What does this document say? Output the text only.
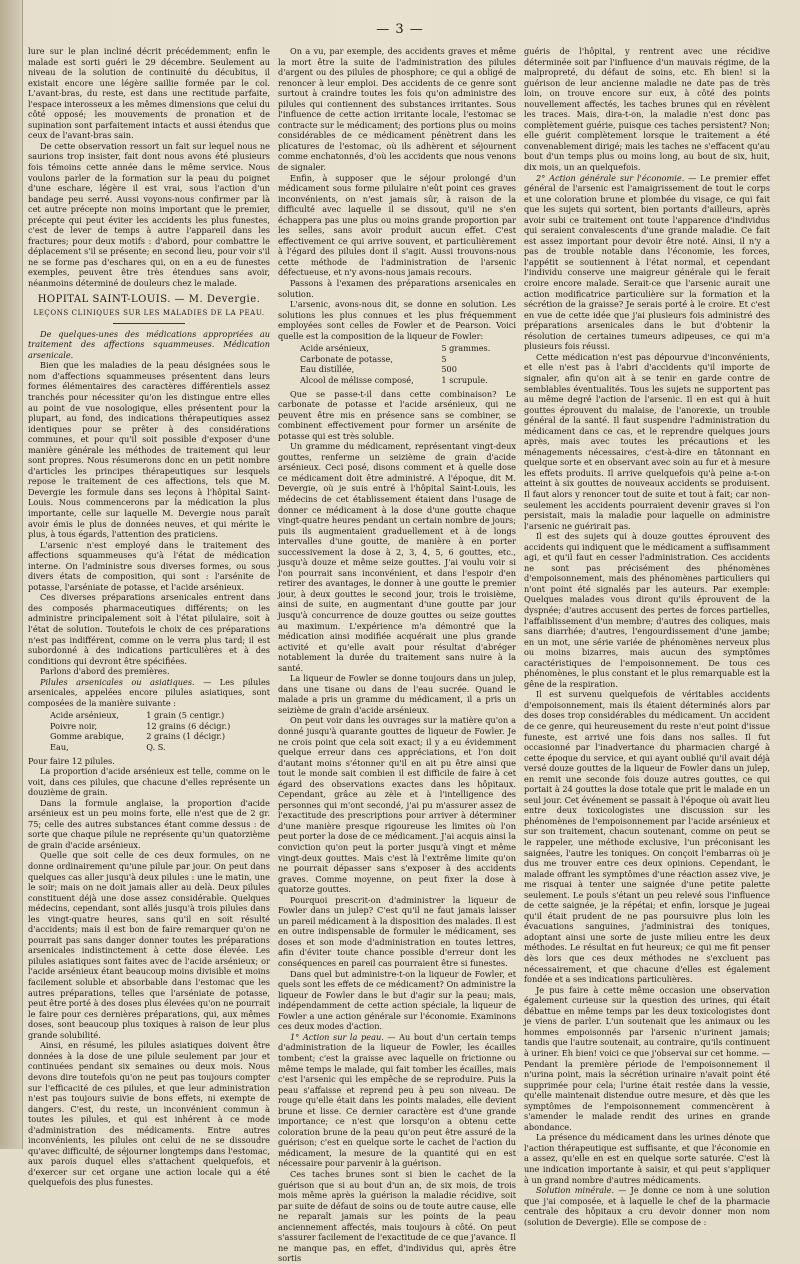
— 3 —

lure sur le plan incliné décrit précédemment; enfin le malade est sorti guéri le 29 décembre. Seulement au niveau de la solution de continuité du décubitus, il existait encore une légère saillie formée par le col. L'avant-bras, du reste, est dans une rectitude parfaite, l'espace interosseux a les mêmes dimensions que celui du côté opposé; les mouvements de pronation et de supination sont parfaitement intacts et aussi étendus que ceux de l'avant-bras sain.

De cette observation ressort un fait sur lequel nous ne saurions trop insister, fait dont nous avons été plusieurs fois témoins cette année dans le même service. Nous voulons parler de la formation sur la peau du poignet d'une eschare, légère il est vrai, sous l'action d'un bandage peu serré. Aussi voyons-nous confirmer par là cet autre précepte non moins important que le premier, précepte qui peut éviter les accidents les plus funestes, c'est de lever de temps à autre l'appareil dans les fractures; pour deux motifs : d'abord, pour combattre le déplacement s'il se présente; en second lieu, pour voir s'il ne se forme pas d'eschares qui, on en a eu de funestes exemples, peuvent être très étendues sans avoir, néanmoins déterminé de douleurs chez le malade.

HOPITAL SAINT-LOUIS. — M. Devergie.
LEÇONS CLINIQUES SUR LES MALADIES DE LA PEAU.

De quelques-unes des médications appropriées au traitement des affections squammeuses. Médication arsenicale.

Bien que les maladies de la peau désignées sous le nom d'affections squammeuses présentent dans leurs formes élémentaires des caractères différentiels assez tranchés pour nécessiter qu'on les distingue entre elles au point de vue nosologique, elles présentent pour la plupart, au fond, des indications thérapeutiques assez identiques pour se prêter à des considérations communes, et pour qu'il soit possible d'exposer d'une manière générale les méthodes de traitement qui leur sont propres. Nous résumerons donc en un petit nombre d'articles les principes thérapeutiques sur lesquels repose le traitement de ces affections, tels que M. Devergie les formule dans ses leçons à l'hôpital Saint-Louis. Nous commencerons par la médication la plus importante, celle sur laquelle M. Devergie nous paraît avoir émis le plus de données neuves, et qui mérite le plus, à tous égards, l'attention des praticiens.

L'arsenic n'est employé dans le traitement des affections squammeuses qu'à l'état de médication interne. On l'administre sous diverses formes, ou sous divers états de composition, qui sont : l'arsénite de potasse, l'arséniate de potasse, et l'acide arsénieux.

Ces diverses préparations arsenicales entrent dans des composés pharmaceutiques différents; on les administre principalement soit à l'état pilulaire, soit à l'état de solution. Toutefois le choix de ces préparations n'est pas indifférent, comme on le verra plus tard; il est subordonné à des indications particulières et à des conditions qui devront être spécifiées.

Parlons d'abord des premières.

Pilules arsenicales ou asiatiques. — Les pilules arsenicales, appelées encore pilules asiatiques, sont composées de la manière suivante :

Acide arsénieux,	1 grain (5 centigr.)
Poivre noir,	12 grains (6 décigr.)
Gomme arabique,	2 grains (1 décigr.)
Eau,	Q. S.

Pour faire 12 pilules.

La proportion d'acide arsénieux est telle, comme on le voit, dans ces pilules, que chacune d'elles représente un douzième de grain.

Dans la formule anglaise, la proportion d'acide arsénieux est un peu moins forte, elle n'est que de 2 gr. 75; celle des autres substances étant comme dessus : de sorte que chaque pilule ne représente qu'un quatorzième de grain d'acide arsénieux.

Quelle que soit celle de ces deux formules, on ne donne ordinairement qu'une pilule par jour. On peut dans quelques cas aller jusqu'à deux pilules : une le matin, une le soir; mais on ne doit jamais aller au delà. Deux pilules constituent déjà une dose assez considérable. Quelques médecins, cependant, sont allés jusqu'à trois pilules dans les vingt-quatre heures, sans qu'il en soit résulté d'accidents; mais il est bon de faire remarquer qu'on ne pourrait pas sans danger donner toutes les préparations arsenicales indistinctement à cette dose élevée. Les pilules asiatiques sont faites avec de l'acide arsénieux; or l'acide arsénieux étant beaucoup moins divisible et moins facilement soluble et absorbable dans l'estomac que les autres préparations, telles que l'arséniate de potasse, peut être porté à des doses plus élevées qu'on ne pourrait le faire pour ces dernières préparations, qui, aux mêmes doses, sont beaucoup plus toxiques à raison de leur plus grande solubilité.

Ainsi, en résumé, les pilules asiatiques doivent être données à la dose de une pilule seulement par jour et continuées pendant six semaines ou deux mois. Nous devons dire toutefois qu'on ne peut pas toujours compter sur l'efficacité de ces pilules, et que leur administration n'est pas toujours suivie de bons effets, ni exempte de dangers. C'est, du reste, un inconvénient commun à toutes les pilules, et qui est inhérent à ce mode d'administration des médicaments. Entre autres inconvénients, les pilules ont celui de ne se dissoudre qu'avec difficulté, de séjourner longtemps dans l'estomac, aux parois duquel elles s'attachent quelquefois, et d'exercer sur cet organe une action locale qui a été quelquefois des plus funestes.

On a vu, par exemple, des accidents graves et même la mort être la suite de l'administration des pilules d'argent ou des pilules de phosphore; ce qui a obligé de renoncer à leur emploi. Des accidents de ce genre sont surtout à craindre toutes les fois qu'on administre des pilules qui contiennent des substances irritantes. Sous l'influence de cette action irritante locale, l'estomac se contracte sur le médicament; des portions plus ou moins considérables de ce médicament pénètrent dans les plicatures de l'estomac, où ils adhèrent et séjournent comme enchatonnés, d'où les accidents que nous venons de signaler.

Enfin, à supposer que le séjour prolongé d'un médicament sous forme pilulaire n'eût point ces graves inconvénients, on n'est jamais sûr, à raison de la difficulté avec laquelle il se dissout, qu'il ne s'en échappera pas une plus ou moins grande proportion par les selles, sans avoir produit aucun effet. C'est effectivement ce qui arrive souvent, et particulièrement à l'égard des pilules dont il s'agit. Aussi trouvons-nous cette méthode de l'administration de l'arsenic défectueuse, et n'y avons-nous jamais recours.

Passons à l'examen des préparations arsenicales en solution.

L'arsenic, avons-nous dit, se donne en solution. Les solutions les plus connues et les plus fréquemment employées sont celles de Fowler et de Pearson. Voici quelle est la composition de la liqueur de Fowler:

Acide arsénieux,	5 grammes.
Carbonate de potasse,	5
Eau distillée,	500
Alcool de mélisse composé,	1 scrupule.

Que se passe-t-il dans cette combinaison? Le carbonate de potasse et l'acide arsénieux, qui ne peuvent être mis en présence sans se combiner, se combinent effectivement pour former un arsénite de potasse qui est très soluble.

Un gramme du médicament, représentant vingt-deux gouttes, renferme un seizième de grain d'acide arsénieux. Ceci posé, disons comment et à quelle dose ce médicament doit être administré. A l'époque, dit M. Devergie, où je suis entré à l'hôpital Saint-Louis, les médecins de cet établissement étaient dans l'usage de donner ce médicament à la dose d'une goutte chaque vingt-quatre heures pendant un certain nombre de jours; puis ils augmentaient graduellement et à de longs intervalles d'une goutte, de manière à en porter successivement la dose à 2, 3, 4, 5, 6 gouttes, etc., jusqu'à douze et même seize gouttes. J'ai voulu voir si l'on pourrait sans inconvénient, et dans l'espoir d'en retirer des avantages, le donner à une goutte le premier jour, à deux gouttes le second jour, trois le troisième, ainsi de suite, en augmentant d'une goutte par jour jusqu'à concurrence de douze gouttes ou seize gouttes au maximum. L'expérience m'a démontré que la médication ainsi modifiée acquérait une plus grande activité et qu'elle avait pour résultat d'abréger notablement la durée du traitement sans nuire à la santé.

La liqueur de Fowler se donne toujours dans un julep, dans une tisane ou dans de l'eau sucrée. Quand le malade a pris un gramme du médicament, il a pris un seizième de grain d'acide arsénieux.

On peut voir dans les ouvrages sur la matière qu'on a donné jusqu'à quarante gouttes de liqueur de Fowler. Je ne crois point que cela soit exact; il y a eu évidemment quelque erreur dans ces appréciations, et l'on doit d'autant moins s'étonner qu'il en ait pu être ainsi que tout le monde sait combien il est difficile de faire à cet égard des observations exactes dans les hôpitaux. Cependant, grâce au zèle et à l'intelligence des personnes qui m'ont secondé, j'ai pu m'assurer assez de l'exactitude des prescriptions pour arriver à déterminer d'une manière presque rigoureuse les limites où l'on peut porter la dose de ce médicament. J'ai acquis ainsi la conviction qu'on peut la porter jusqu'à vingt et même vingt-deux gouttes. Mais c'est là l'extrême limite qu'on ne pourrait dépasser sans s'exposer à des accidents graves. Comme moyenne, on peut fixer la dose à quatorze gouttes.

Pourquoi prescrit-on d'administrer la liqueur de Fowler dans un julep? C'est qu'il ne faut jamais laisser un pareil médicament à la disposition des malades. Il est en outre indispensable de formuler le médicament, ses doses et son mode d'administration en toutes lettres, afin d'éviter toute chance possible d'erreur dont les conséquences en pareil cas pourraient être si funestes.

Dans quel but administre-t-on la liqueur de Fowler, et quels sont les effets de ce médicament? On administre la liqueur de Fowler dans le but d'agir sur la peau; mais, indépendamment de cette action spéciale, la liqueur de Fowler a une action générale sur l'économie. Examinons ces deux modes d'action.

1° Action sur la peau. — Au bout d'un certain temps d'administration de la liqueur de Fowler, les écailles tombent; c'est la graisse avec laquelle on frictionne ou même temps le malade, qui fait tomber les écailles, mais c'est l'arsenic qui les empêche de se reproduire. Puis la peau s'affaisse et reprend peu à peu son niveau. De rouge qu'elle était dans les points malades, elle devient brune et lisse. Ce dernier caractère est d'une grande importance; ce n'est que lorsqu'on a obtenu cette coloration brune de la peau qu'on peut être assuré de la guérison; c'est en quelque sorte le cachet de l'action du médicament, la mesure de la quantité qui en est nécessaire pour parvenir à la guérison.

Ces taches brunes sont si bien le cachet de la guérison que si au bout d'un an, de six mois, de trois mois même après la guérison la maladie récidive, soit par suite de défaut de soins ou de toute autre cause, elle ne reparaît jamais sur les points de la peau anciennement affectés, mais toujours à côté. On peut s'assurer facilement de l'exactitude de ce que j'avance. Il ne manque pas, en effet, d'individus qui, après être sortis

guéris de l'hôpital, y rentrent avec une récidive déterminée soit par l'influence d'un mauvais régime, de la malpropreté, du défaut de soins, etc. Eh bien! si la guérison de leur ancienne maladie ne date pas de très loin, on trouve encore sur eux, à côté des points nouvellement affectés, les taches brunes qui en révèlent les traces. Mais, dira-t-on, la maladie n'est donc pas complètement guérie, puisque ces taches persistent? Non; elle guérit complètement lorsque le traitement a été convenablement dirigé; mais les taches ne s'effacent qu'au bout d'un temps plus ou moins long, au bout de six, huit, dix mois, un an quelquefois.

2° Action générale sur l'économie. — Le premier effet général de l'arsenic est l'amaigrissement de tout le corps et une coloration brune et plombée du visage, ce qui fait que les sujets qui sortent, bien portants d'ailleurs, après avoir subi ce traitement ont toute l'apparence d'individus qui seraient convalescents d'une grande maladie. Ce fait est assez important pour devoir être noté. Ainsi, il n'y a pas de trouble notable dans l'économie, les forces, l'appétit se soutiennent à l'état normal, et cependant l'individu conserve une maigreur générale qui le ferait croire encore malade. Serait-ce que l'arsenic aurait une action modificatrice particulière sur la formation et la sécrétion de la graisse? Je serais porté à le croire. Et c'est en vue de cette idée que j'ai plusieurs fois administré des préparations arsenicales dans le but d'obtenir la résolution de certaines tumeurs adipeuses, ce qui m'a plusieurs fois réussi.

Cette médication n'est pas dépourvue d'inconvénients, et elle n'est pas à l'abri d'accidents qu'il importe de signaler, afin qu'on ait à se tenir en garde contre de semblables éventualités. Tous les sujets ne supportent pas au même degré l'action de l'arsenic. Il en est qui à huit gouttes éprouvent du malaise, de l'anorexie, un trouble général de la santé. Il faut suspendre l'administration du médicament dans ce cas, et le reprendre quelques jours après, mais avec toutes les précautions et les ménagements nécessaires, c'est-à-dire en tâtonnant en quelque sorte et en observant avec soin au fur et à mesure les effets produits. Il arrive quelquefois qu'à peine a-t-on atteint à six gouttes de nouveaux accidents se produisent. Il faut alors y renoncer tout de suite et tout à fait; car non-seulement les accidents pourraient devenir graves si l'on persistait, mais la maladie pour laquelle on administre l'arsenic ne guérirait pas.

Il est des sujets qui à douze gouttes éprouvent des accidents qui indiquent que le médicament a suffisamment agi, et qu'il faut en cesser l'administration. Ces accidents ne sont pas précisément des phénomènes d'empoisonnement, mais des phénomènes particuliers qui n'ont point été signalés par les auteurs. Par exemple: Quelques malades vous diront qu'ils éprouvent de la dyspnée; d'autres accusent des pertes de forces partielles, l'affaiblissement d'un membre; d'autres des coliques, mais sans diarrhée; d'autres, l'engourdissement d'une jambe; en un mot, une série variée de phénomènes nerveux plus ou moins bizarres, mais aucun des symptômes caractéristiques de l'empoisonnement. De tous ces phénomènes, le plus constant et le plus remarquable est la gêne de la respiration.

Il est survenu quelquefois de véritables accidents d'empoisonnement, mais ils étaient déterminés alors par des doses trop considérables du médicament. Un accident de ce genre, qui heureusement du reste n'eut point d'issue funeste, est arrivé une fois dans nos salles. Il fut occasionné par l'inadvertance du pharmacien chargé à cette époque du service, et qui ayant oublié qu'il avait déjà versé douze gouttes de la liqueur de Fowler dans un julep, en remit une seconde fois douze autres gouttes, ce qui portait à 24 gouttes la dose totale que prit le malade en un seul jour. Cet événement se passait à l'époque où avait lieu entre deux toxicologistes une discussion sur les phénomènes de l'empoisonnement par l'acide arsénieux et sur son traitement, chacun soutenant, comme on peut se le rappeler, une méthode exclusive, l'un préconisant les saignées, l'autre les toniques. On conçoit l'embarras où je dus me trouver entre ces deux opinions. Cependant, le malade offrant les symptômes d'une réaction assez vive, je me risquai à tenter une saignée d'une petite palette seulement. Le pouls s'étant un peu relevé sous l'influence de cette saignée, je la répétai; et enfin, lorsque je jugeai qu'il était prudent de ne pas poursuivre plus loin les évacuations sanguines, j'administrai des toniques, adoptant ainsi une sorte de juste milieu entre les deux méthodes. Le résultat en fut heureux; ce qui me fit penser dès lors que ces deux méthodes ne s'excluent pas nécessairement, et que chacune d'elles est également fondée et a ses indications particulières.

Je pus faire à cette même occasion une observation également curieuse sur la question des urines, qui était débattue en même temps par les deux toxicologistes dont je viens de parler. L'un soutenait que les animaux ou les hommes empoisonnés par l'arsenic n'urinent jamais; tandis que l'autre soutenait, au contraire, qu'ils continuent à uriner. Eh bien! voici ce que j'observai sur cet homme. — Pendant la première période de l'empoisonnement il n'urina point, mais la sécrétion urinaire n'avait point été supprimée pour cela; l'urine était restée dans la vessie, qu'elle maintenait distendue outre mesure, et dès que les symptômes de l'empoisonnement commencèrent à s'amender le malade rendit des urines en grande abondance.

La présence du médicament dans les urines dénote que l'action thérapeutique est suffisante, et que l'économie en a assez, qu'elle en est en quelque sorte saturée. C'est là une indication importante à saisir, et qui peut s'appliquer à un grand nombre d'autres médicaments.

Solution minérale. — Je donne ce nom à une solution que j'ai composée, et à laquelle le chef de la pharmacie centrale des hôpitaux a cru devoir donner mon nom (solution de Devergie). Elle se compose de :
